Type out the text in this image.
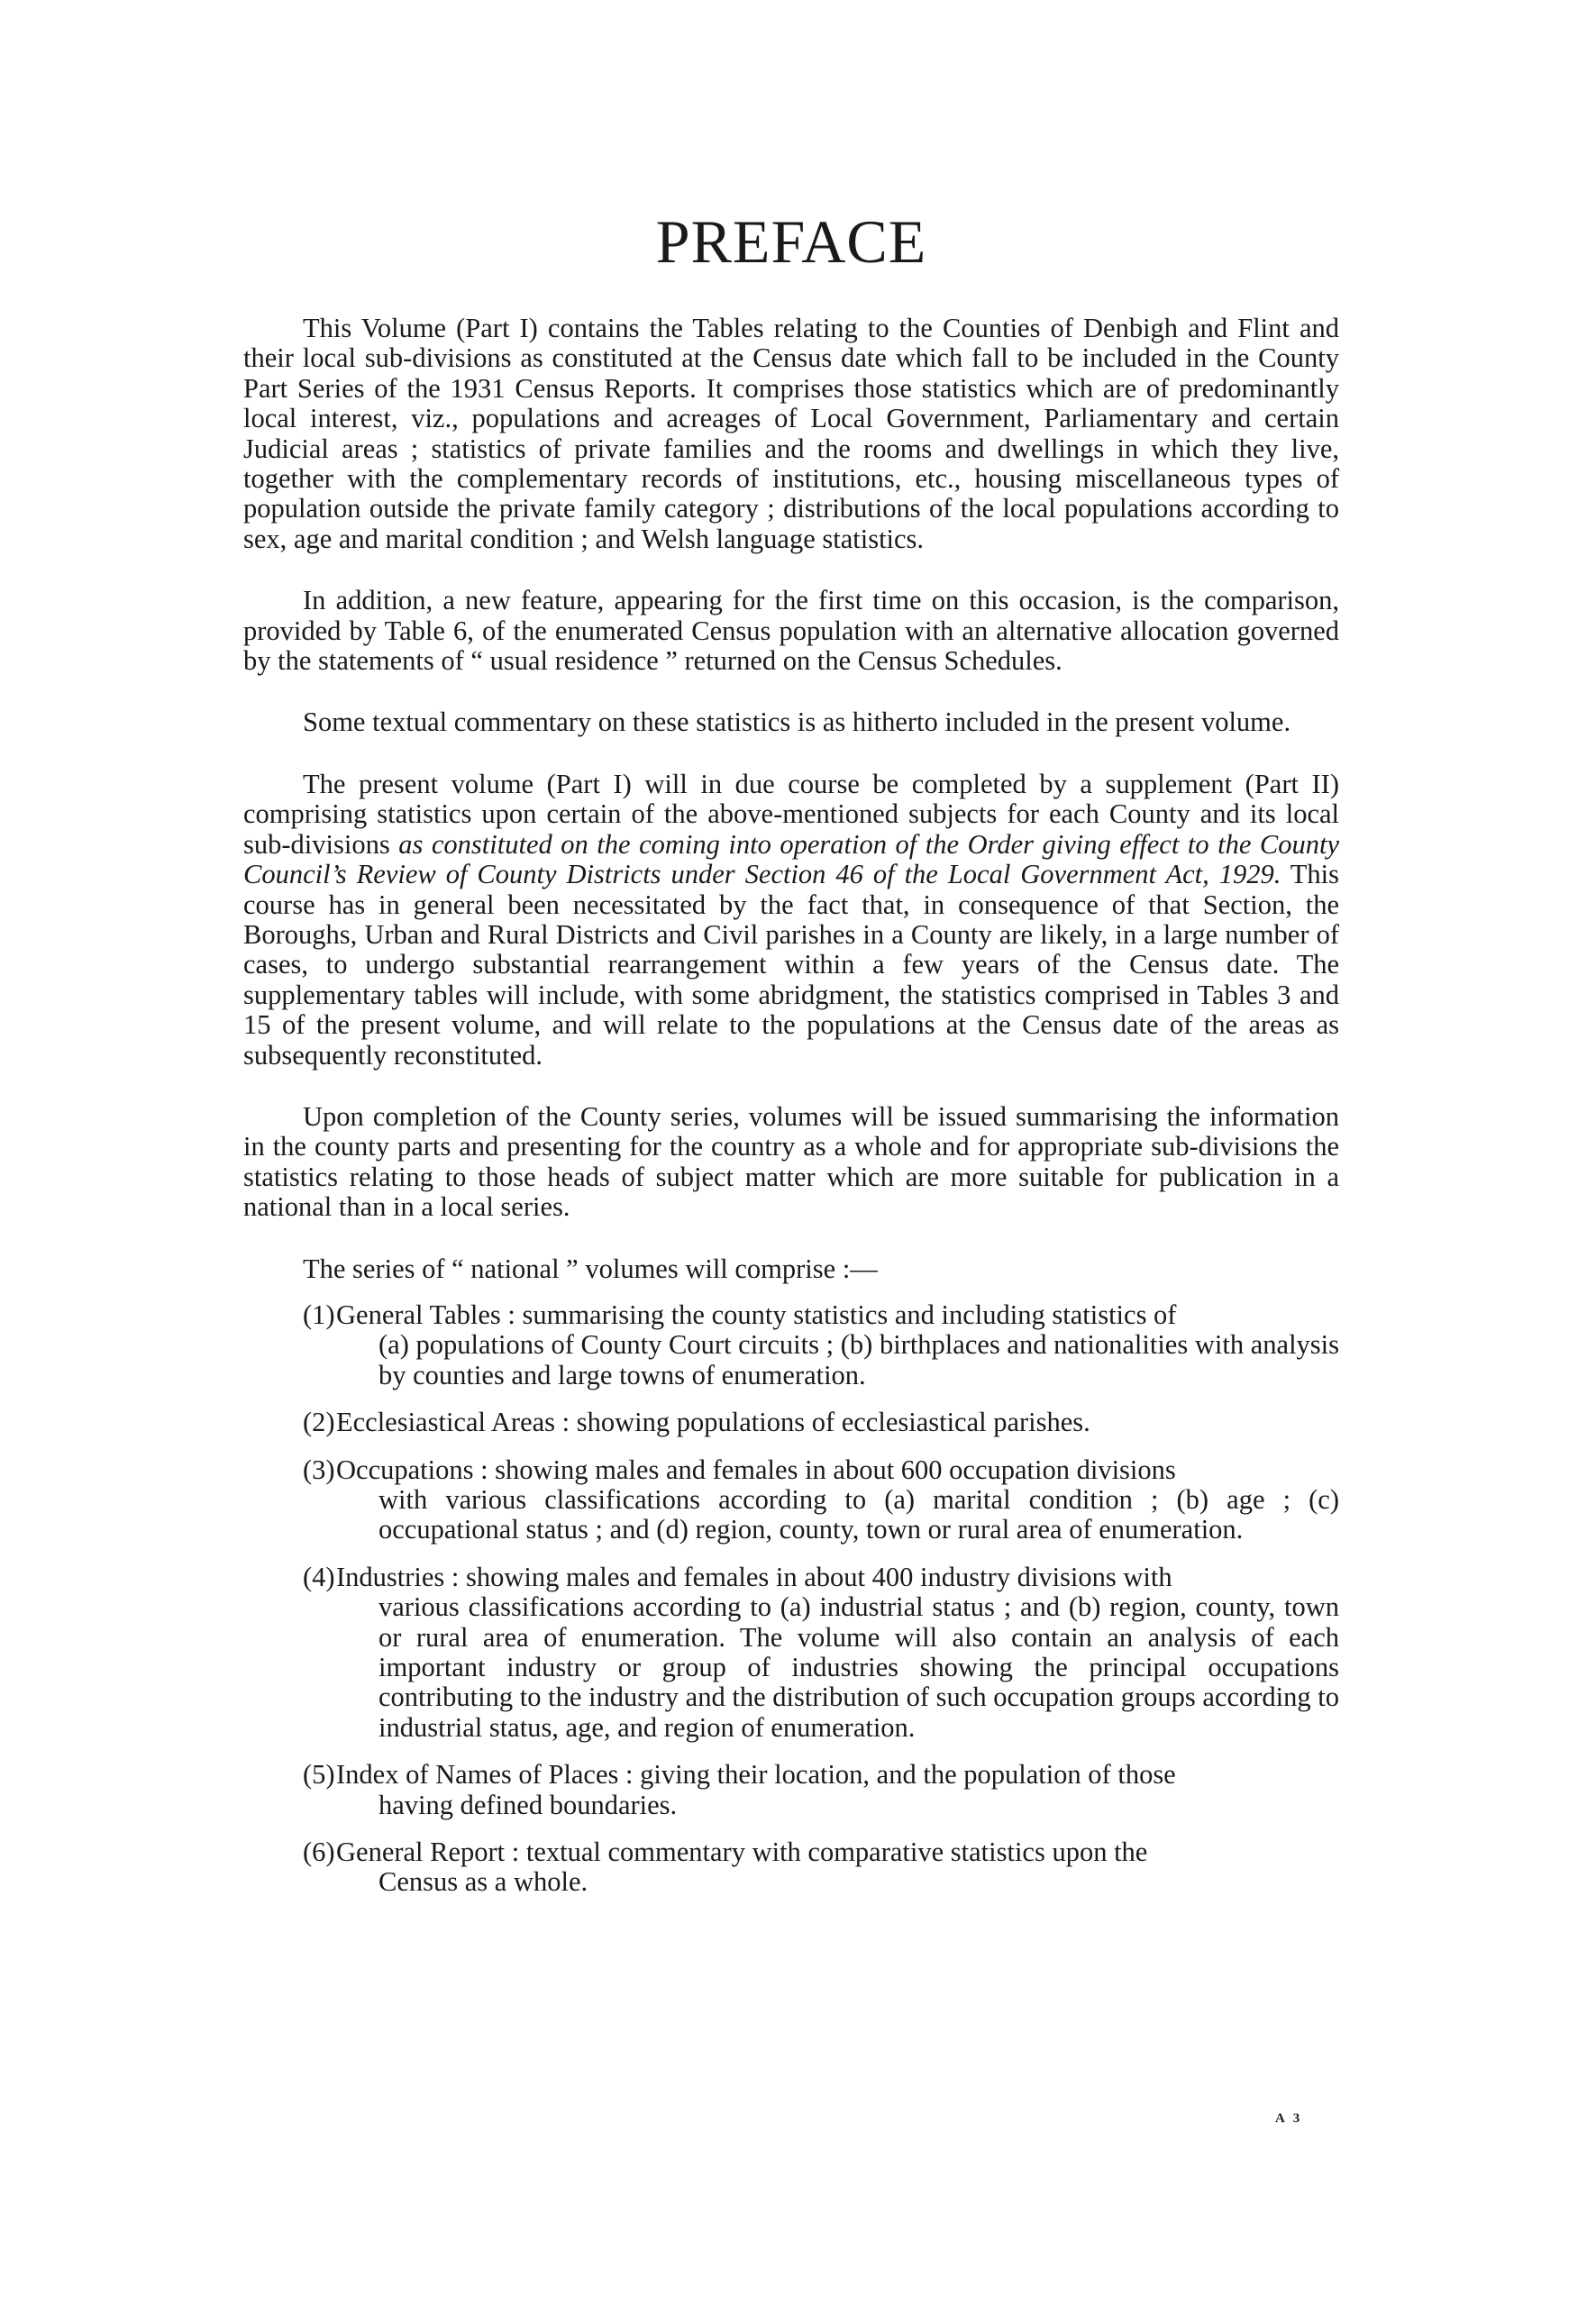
PREFACE

This Volume (Part I) contains the Tables relating to the Counties of Denbigh and Flint and their local sub-divisions as constituted at the Census date which fall to be included in the County Part Series of the 1931 Census Reports. It comprises those statistics which are of predominantly local interest, viz., populations and acreages of Local Government, Parliamentary and certain Judicial areas ; statistics of private families and the rooms and dwellings in which they live, together with the complementary records of institutions, etc., housing miscellaneous types of population outside the private family category ; distributions of the local populations according to sex, age and marital condition ; and Welsh language statistics.

In addition, a new feature, appearing for the first time on this occasion, is the comparison, provided by Table 6, of the enumerated Census population with an alternative allocation governed by the statements of “ usual residence ” returned on the Census Schedules.

Some textual commentary on these statistics is as hitherto included in the present volume.

The present volume (Part I) will in due course be completed by a supplement (Part II) comprising statistics upon certain of the above-mentioned subjects for each County and its local sub-divisions as constituted on the coming into operation of the Order giving effect to the County Council’s Review of County Districts under Section 46 of the Local Government Act, 1929. This course has in general been necessitated by the fact that, in consequence of that Section, the Boroughs, Urban and Rural Districts and Civil parishes in a County are likely, in a large number of cases, to undergo substantial rearrangement within a few years of the Census date. The supplementary tables will include, with some abridgment, the statistics comprised in Tables 3 and 15 of the present volume, and will relate to the populations at the Census date of the areas as subsequently reconstituted.

Upon completion of the County series, volumes will be issued summarising the information in the county parts and presenting for the country as a whole and for appropriate sub-divisions the statistics relating to those heads of subject matter which are more suitable for publication in a national than in a local series.

The series of “ national ” volumes will comprise :—

(1) General Tables : summarising the county statistics and including statistics of
(a) populations of County Court circuits ; (b) birthplaces and nationalities with analysis by counties and large towns of enumeration.
(2) Ecclesiastical Areas : showing populations of ecclesiastical parishes.
(3) Occupations : showing males and females in about 600 occupation divisions
with various classifications according to (a) marital condition ; (b) age ; (c) occupational status ; and (d) region, county, town or rural area of enumeration.
(4) Industries : showing males and females in about 400 industry divisions with
various classifications according to (a) industrial status ; and (b) region, county, town or rural area of enumeration. The volume will also contain an analysis of each important industry or group of industries showing the principal occupations contributing to the industry and the distribution of such occupation groups according to industrial status, age, and region of enumeration.
(5) Index of Names of Places : giving their location, and the population of those
having defined boundaries.
(6) General Report : textual commentary with comparative statistics upon the
Census as a whole.
A 3
